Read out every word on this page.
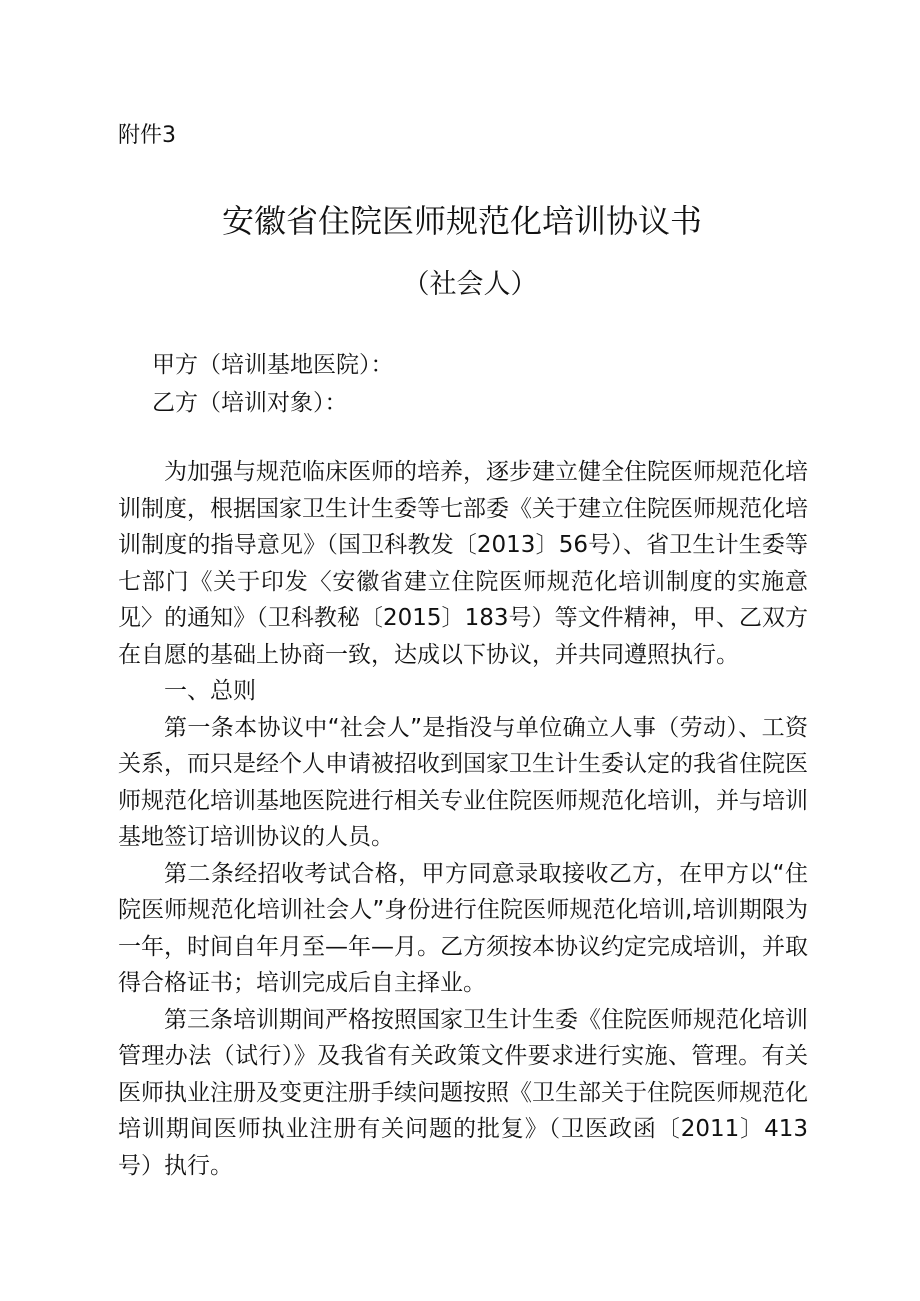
附件3
安徽省住院医师规范化培训协议书
（社会人）
甲方（培训基地医院）：
乙方（培训对象）：

为加强与规范临床医师的培养，逐步建立健全住院医师规范化培训制度，根据国家卫生计生委等七部委《关于建立住院医师规范化培训制度的指导意见》（国卫科教发〔2013〕56号）、省卫生计生委等七部门《关于印发〈安徽省建立住院医师规范化培训制度的实施意见〉的通知》（卫科教秘〔2015〕183号）等文件精神，甲、乙双方在自愿的基础上协商一致，达成以下协议，并共同遵照执行。

一、总则

第一条本协议中“社会人”是指没与单位确立人事（劳动）、工资关系，而只是经个人申请被招收到国家卫生计生委认定的我省住院医师规范化培训基地医院进行相关专业住院医师规范化培训，并与培训基地签订培训协议的人员。

第二条经招收考试合格，甲方同意录取接收乙方，在甲方以“住院医师规范化培训社会人”身份进行住院医师规范化培训,培训期限为一年，时间自年月至—年—月。乙方须按本协议约定完成培训，并取得合格证书；培训完成后自主择业。

第三条培训期间严格按照国家卫生计生委《住院医师规范化培训管理办法（试行）》及我省有关政策文件要求进行实施、管理。有关医师执业注册及变更注册手续问题按照《卫生部关于住院医师规范化培训期间医师执业注册有关问题的批复》（卫医政函〔2011〕413号）执行。
